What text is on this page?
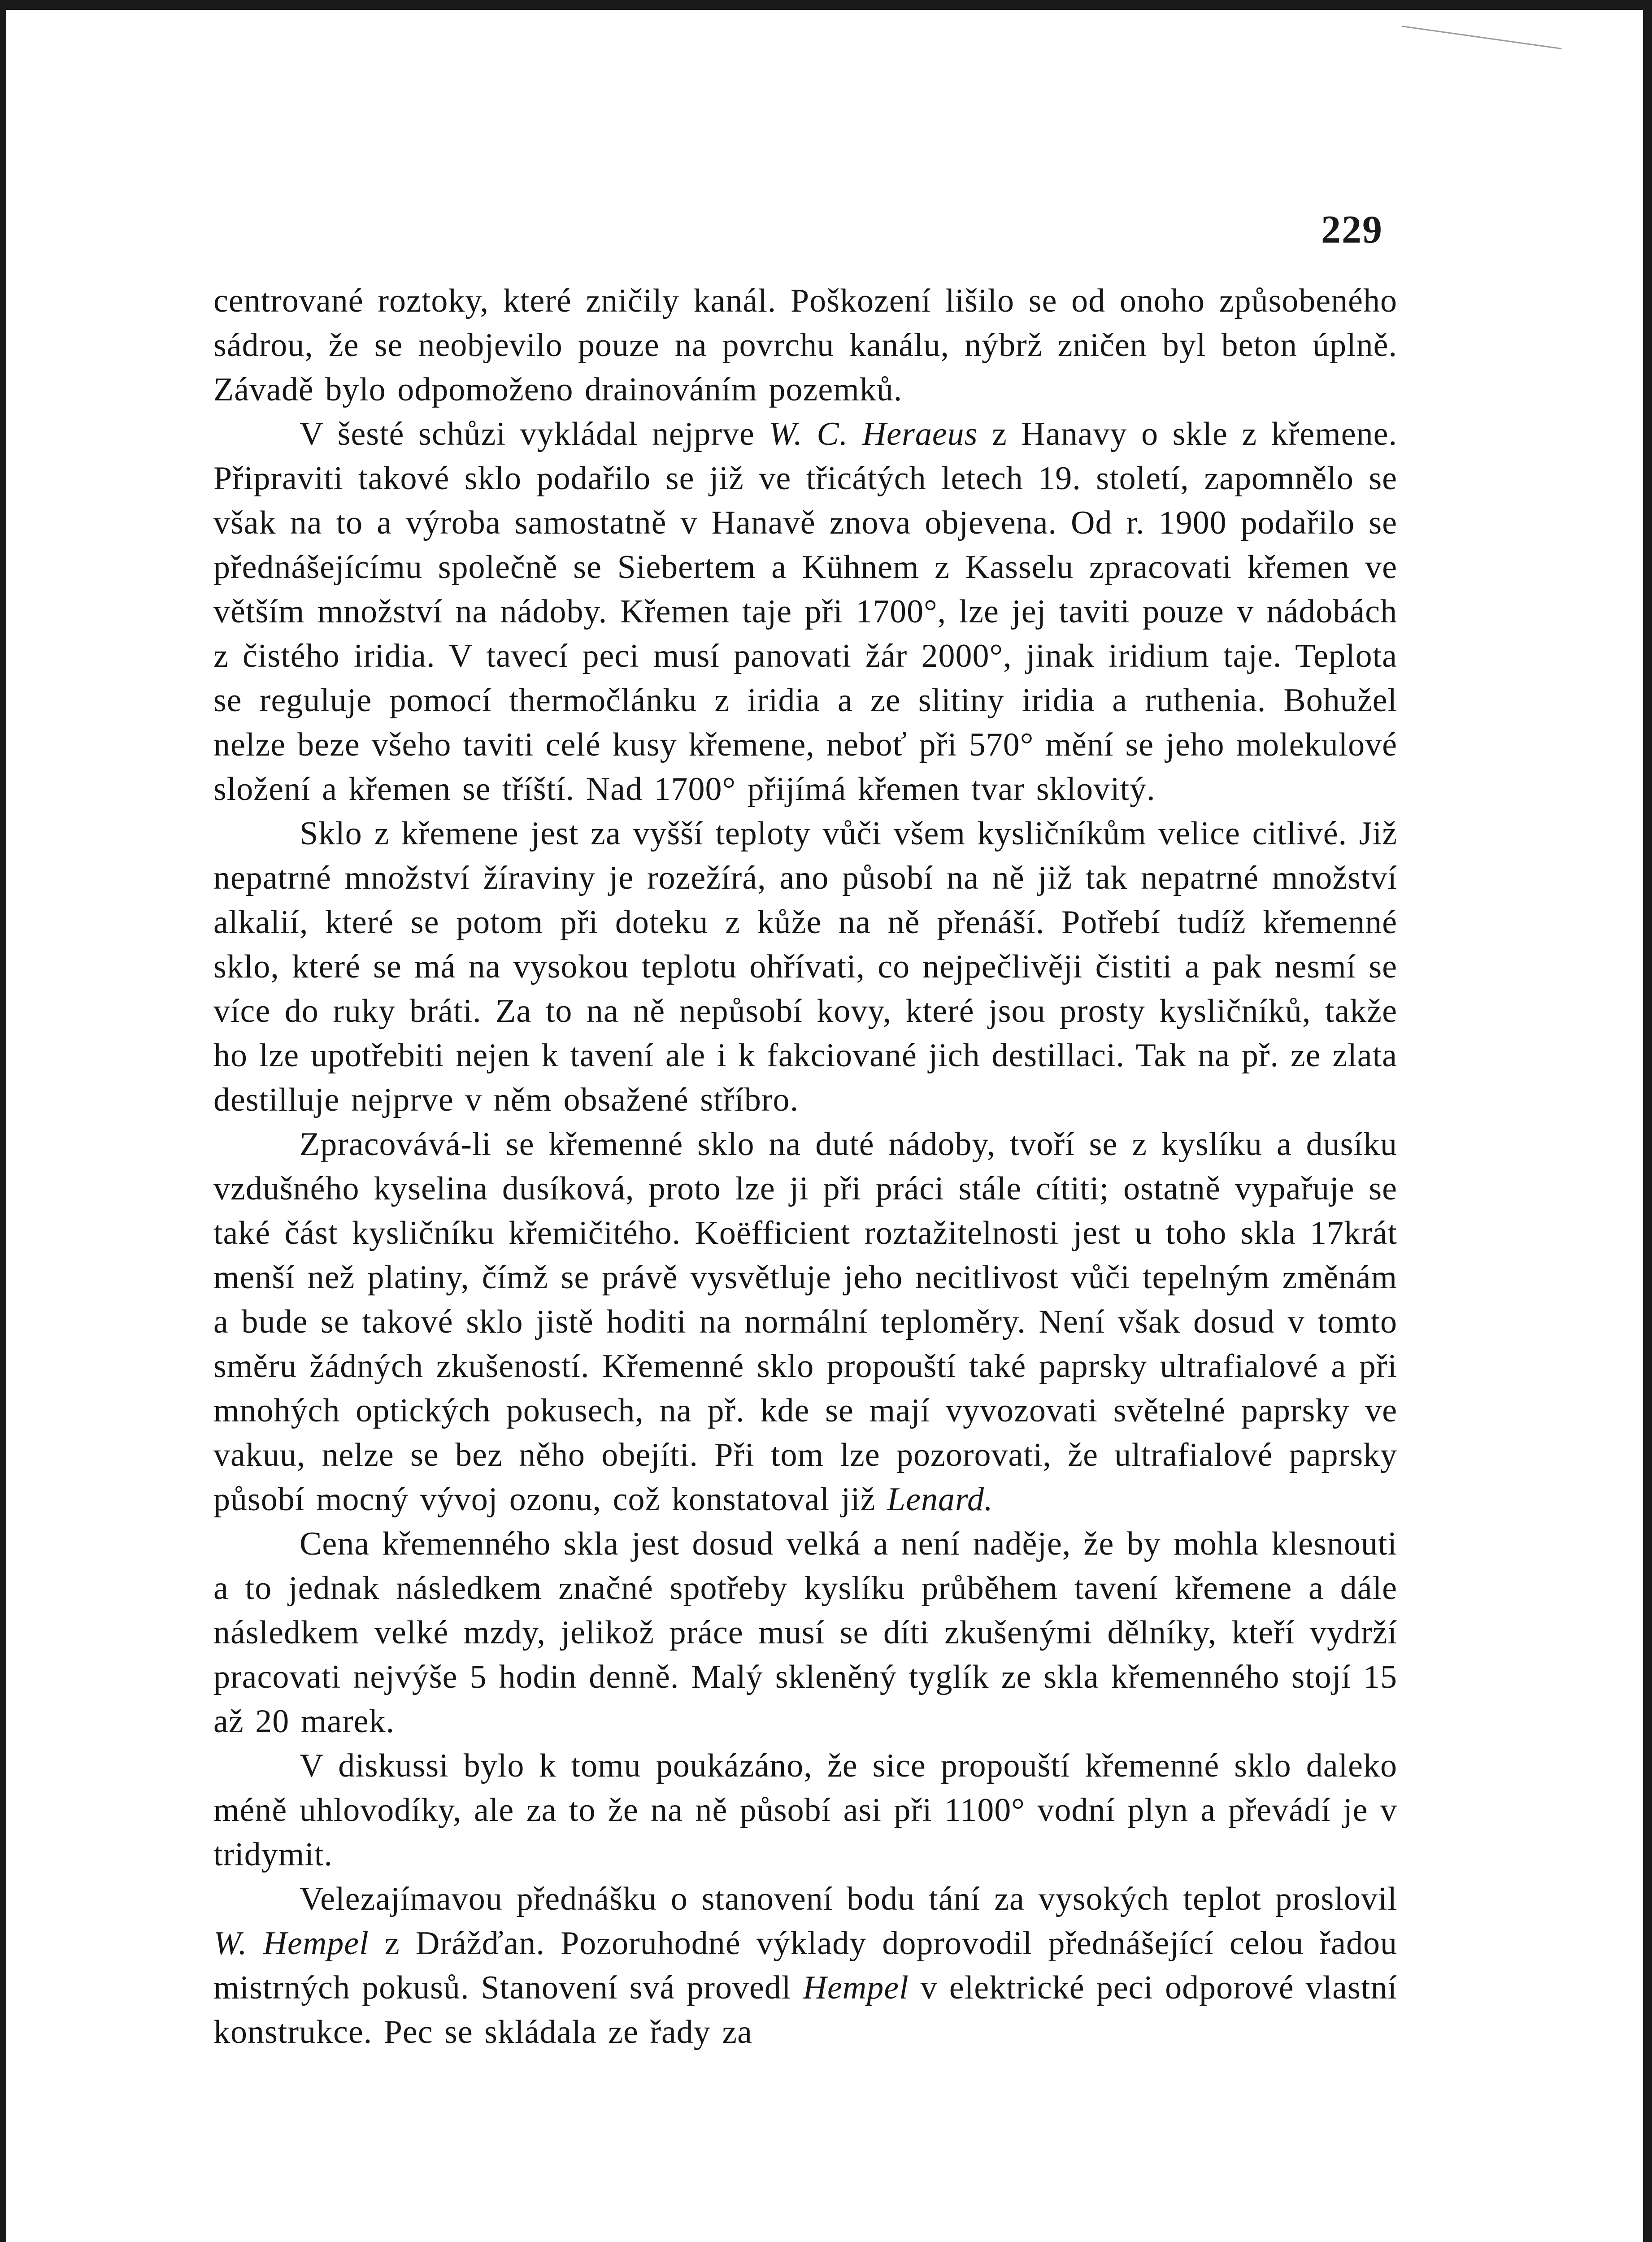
229

centrované roztoky, které zničily kanál. Poškození lišilo se od onoho způsobeného sádrou, že se neobjevilo pouze na povrchu kanálu, nýbrž zničen byl beton úplně. Závadě bylo odpomoženo drainováním pozemků.

V šesté schůzi vykládal nejprve W. C. Heraeus z Hanavy o skle z křemene. Připraviti takové sklo podařilo se již ve třicátých letech 19. století, zapomnělo se však na to a výroba samostatně v Hanavě znova objevena. Od r. 1900 podařilo se přednášejícímu společně se Siebertem a Kühnem z Kasselu zpracovati křemen ve větším množství na nádoby. Křemen taje při 1700°, lze jej taviti pouze v nádobách z čistého iridia. V tavecí peci musí panovati žár 2000°, jinak iridium taje. Teplota se reguluje pomocí thermočlánku z iridia a ze slitiny iridia a ruthenia. Bohužel nelze beze všeho taviti celé kusy křemene, neboť při 570° mění se jeho molekulové složení a křemen se tříští. Nad 1700° přijímá křemen tvar sklovitý.

Sklo z křemene jest za vyšší teploty vůči všem kysličníkům velice citlivé. Již nepatrné množství žíraviny je rozežírá, ano působí na ně již tak nepatrné množství alkalií, které se potom při doteku z kůže na ně přenáší. Potřebí tudíž křemenné sklo, které se má na vysokou teplotu ohřívati, co nejpečlivěji čistiti a pak nesmí se více do ruky bráti. Za to na ně nepůsobí kovy, které jsou prosty kysličníků, takže ho lze upotřebiti nejen k tavení ale i k fakciované jich destillaci. Tak na př. ze zlata destilluje nejprve v něm obsažené stříbro.

Zpracovává-li se křemenné sklo na duté nádoby, tvoří se z kyslíku a dusíku vzdušného kyselina dusíková, proto lze ji při práci stále cítiti; ostatně vypařuje se také část kysličníku křemičitého. Koëfficient roztažitelnosti jest u toho skla 17krát menší než platiny, čímž se právě vysvětluje jeho necitlivost vůči tepelným změnám a bude se takové sklo jistě hoditi na normální teploměry. Není však dosud v tomto směru žádných zkušeností. Křemenné sklo propouští také paprsky ultrafialové a při mnohých optických pokusech, na př. kde se mají vyvozovati světelné paprsky ve vakuu, nelze se bez něho obejíti. Při tom lze pozorovati, že ultrafialové paprsky působí mocný vývoj ozonu, což konstatoval již Lenard.

Cena křemenného skla jest dosud velká a není naděje, že by mohla klesnouti a to jednak následkem značné spotřeby kyslíku průběhem tavení křemene a dále následkem velké mzdy, jelikož práce musí se díti zkušenými dělníky, kteří vydrží pracovati nejvýše 5 hodin denně. Malý skleněný tyglík ze skla křemenného stojí 15 až 20 marek.

V diskussi bylo k tomu poukázáno, že sice propouští křemenné sklo daleko méně uhlovodíky, ale za to že na ně působí asi při 1100° vodní plyn a převádí je v tridymit.

Velezajímavou přednášku o stanovení bodu tání za vysokých teplot proslovil W. Hempel z Drážďan. Pozoruhodné výklady doprovodil přednášející celou řadou mistrných pokusů. Stanovení svá provedl Hempel v elektrické peci odporové vlastní konstrukce. Pec se skládala ze řady za
